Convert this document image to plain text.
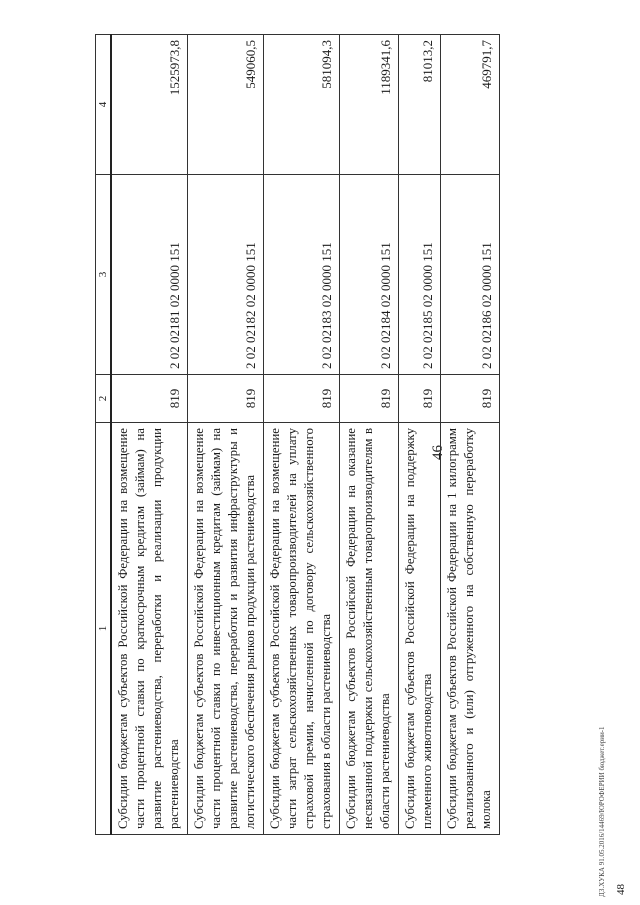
46
ДЗ.ХУКА 91.05.2016/14469/ЮРОФЕРИИ бюджет.ерии-1 48
1	2	3	4
Субсидии бюджетам субъектов Российской Федерации на возмещение части процентной ставки по краткосрочным кредитам (займам) на развитие растениеводства, переработки и реализации продукции растениеводства	819	2 02 02181 02 0000 151	1525973,8
Субсидии бюджетам субъектов Российской Федерации на возмещение части процентной ставки по инвестиционным кредитам (займам) на развитие растениеводства, переработки и развития инфраструктуры и логистического обеспечения рынков продукции растениеводства	819	2 02 02182 02 0000 151	549060,5
Субсидии бюджетам субъектов Российской Федерации на возмещение части затрат сельскохозяйственных товаропроизводителей на уплату страховой премии, начисленной по договору сельскохозяйственного страхования в области растениеводства	819	2 02 02183 02 0000 151	581094,3
Субсидии бюджетам субъектов Российской Федерации на оказание несвязанной поддержки сельскохозяйственным товаропроизводителям в области растениеводства	819	2 02 02184 02 0000 151	1189341,6
Субсидии бюджетам субъектов Российской Федерации на поддержку племенного животноводства	819	2 02 02185 02 0000 151	81013,2
Субсидии бюджетам субъектов Российской Федерации на 1 килограмм реализованного и (или) отгруженного на собственную переработку молока	819	2 02 02186 02 0000 151	469791,7
